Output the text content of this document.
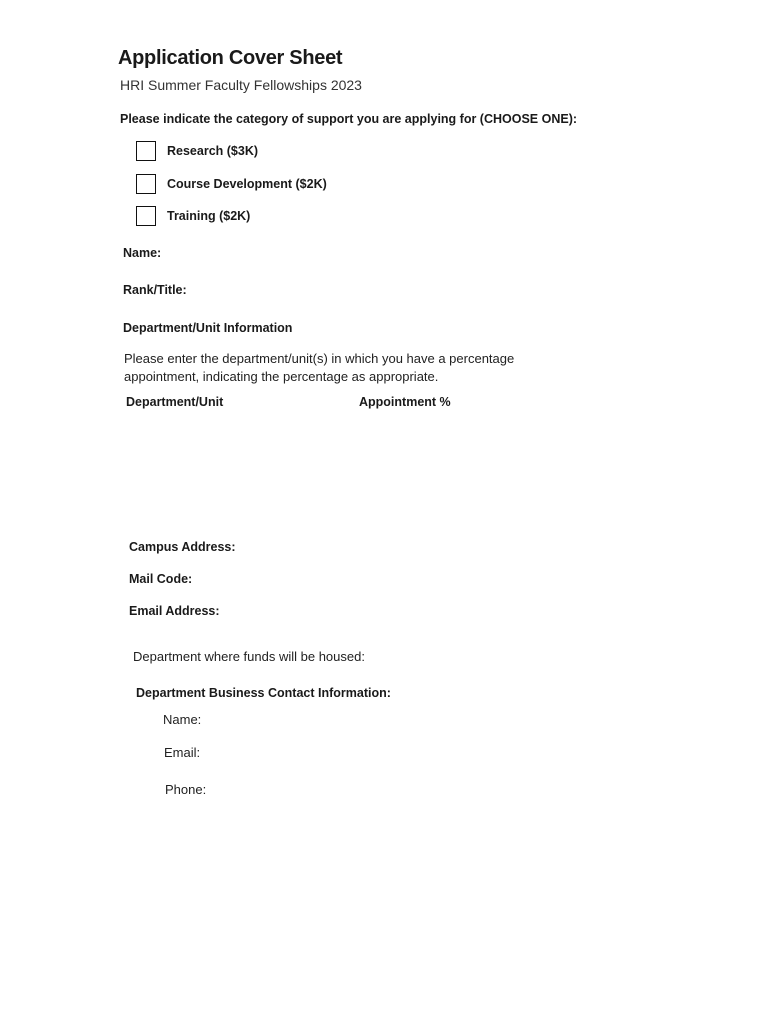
Application Cover Sheet
HRI Summer Faculty Fellowships 2023
Please indicate the category of support you are applying for (CHOOSE ONE):
Research ($3K)
Course Development ($2K)
Training ($2K)
Name:
Rank/Title:
Department/Unit Information
Please enter the department/unit(s) in which you have a percentage appointment, indicating the percentage as appropriate.
Department/Unit	Appointment %
Campus Address:
Mail Code:
Email Address:
Department where funds will be housed:
Department Business Contact Information:
Name:
Email:
Phone:
